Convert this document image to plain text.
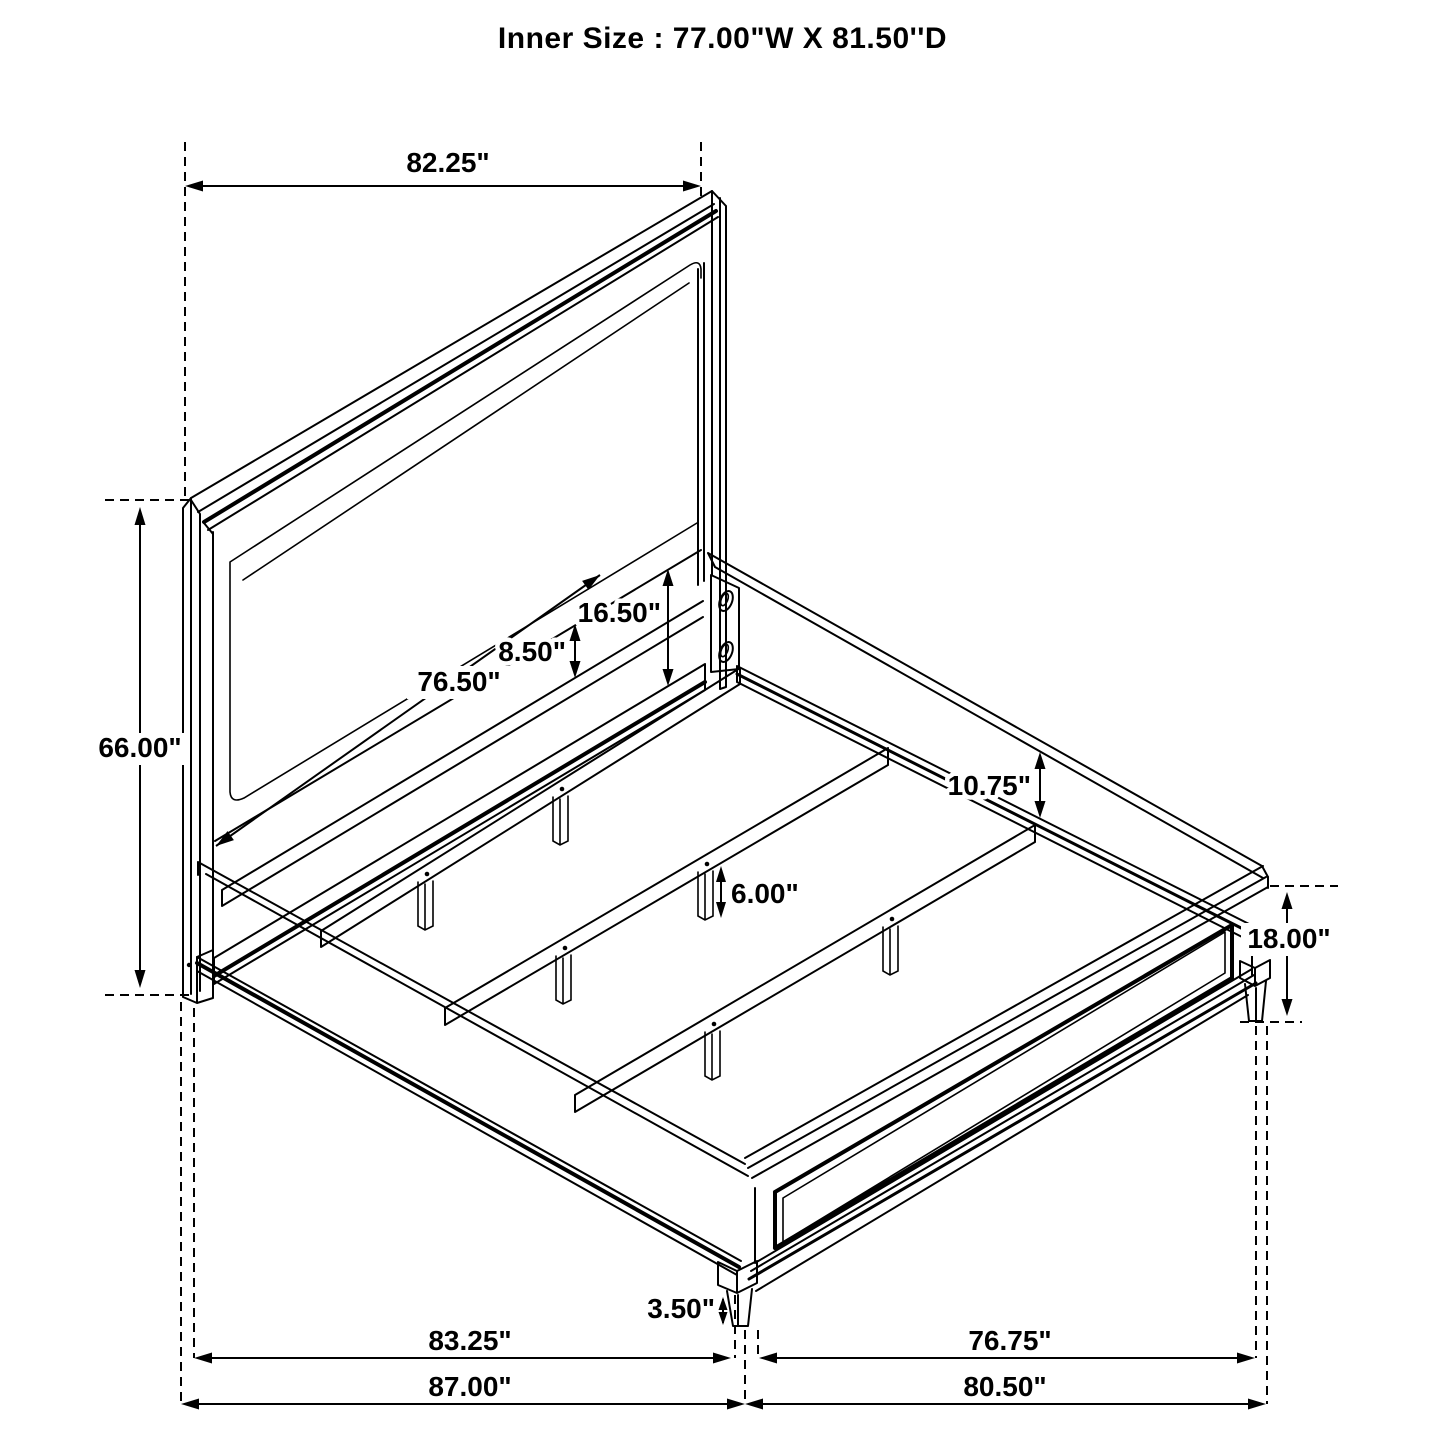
Inner Size : 77.00"W X 81.50''D
82.25"
66.00"
8.50"
16.50"
76.50"
10.75"
6.00"
18.00"
3.50"
83.25"
87.00"
76.75"
80.50"
